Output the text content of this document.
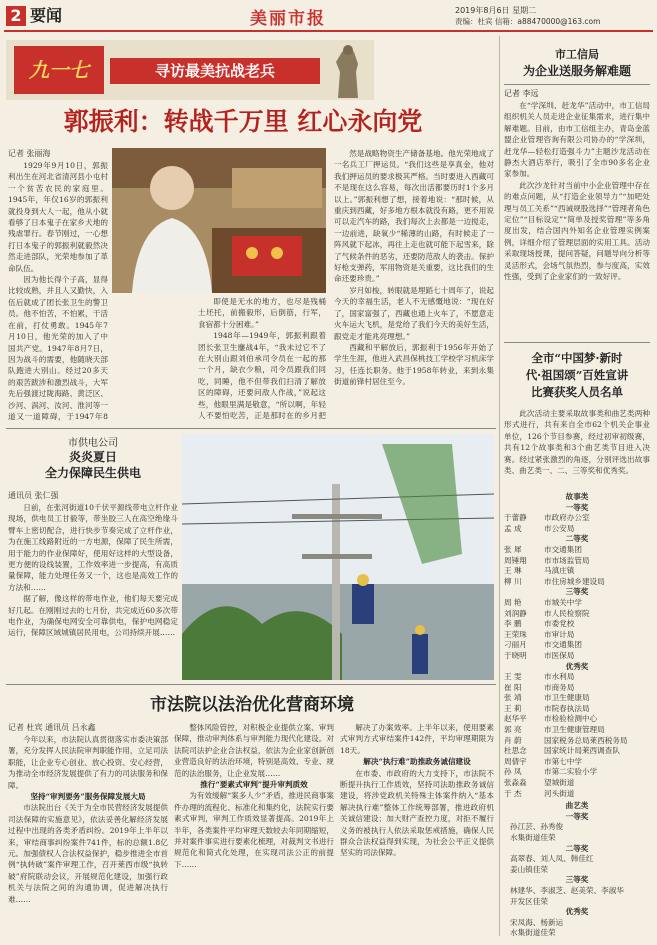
2 要闻	美丽市报	2019年8月6日 星期二
责编：杜宾 信箱：a88470000@163.com
九一七	寻访最美抗战老兵
郭振利：转战千万里 红心永向党
记者 张丽海

1929年9月10日，郭振利出生在河北省清河县小屯村一个贫苦农民的家庭里。1945年，年仅16岁的郭振利就投身到大人一起，他从小就看够了日本鬼子在家乡犬地的残虐罪行。春节刚过，一心想打日本鬼子的郭振利就毅然决然走进部队，光荣地参加了革命队伍。

因为他长得个子高，显得比较成熟，并且人又勤快，入伍后就成了团长张卫生的警卫员。他不怕苦，不怕累，干活在前，打仗勇敢。1945年7月10日，他光荣的加入了中国共产党。1947年8月7日，因为战斗的需要，他随晓天部队跑进大别山。经过20多天的艰苦跋涉和激烈战斗，大军先后强渡过陇海路、黄泛区、沙河、涡河、汝河、淮河等一道又一道障碍，于1947年8

即使是无水的地方，也尽是残桶土坯托，前搬毅形，后倒筋，行军，食宿都十分困难。”

1948年—1949年，郭振利跟着团长张卫生鏖战4年，“我未过它不了在大别山跟刘伯承司令员在一起的那一个月，缺衣少粮，司令员跟我们同吃，同睡，他不但带我们扫清了解放区的障碍，还要问敌人作战，”说起这些，他眼里满是敬意，“所以啊，年轻人不要怕吃苦，正是那时在的乡月把

然是战略物资生产储备基地。他光荣地成了一名兵工厂押运员。“我们这些是享真金，他对我们押运员的要求极其严格。当时要进入西藏可不是现在这么容易，每次出活都要历时1个多月以上。”郭振利想了想，接着地说：“那时候，从重庆到西藏，好多地方根本就没有路，更不用说可以走汽车的路，我们每次上去都是一边搅走，一边前进，缺氧少“稀薄的山路，有时候走了一阵风就下起冰，再往上走也就可能下起雪来，除了气候条件的恶劣，还要防范敌人的袭击。保护好枪支弹药，军用物资是关重要，这比我们的生命还要珍贵。”

岁月如梭，转眼就是埋蹈七十周年了，说起今天的幸福生活，老人不无感慨地说：“现在好了，国家富强了，西藏也通上火车了，不愿意走火车运大飞机，是党给了我们今天的美好生活，跟党走才能兆亮理想。”

西藏和平解放后，郭振利于1956年开始了学生生涯，他进入武昌保桃技工学校学习机床学习，任连长职务。他于1958年转业，来到永集街道前锋村居住至今。

市工信局
为企业送服务解难题
记者 李远

在“学深圳、赶龙华”活动中，市工信局组织机关人员走进企业征集需求，进行集中解难题。目前，由市工信组主办，青岛金蓝盟企业管理咨询有限公司协办的“学深圳，赶龙华—轻松打造强斗力”主题沙龙活动在静杰大酒店举行，吸引了全市90多名企业家参加。

此次沙龙针对当前中小企业管理中存在的难点问题，从“打造企业领导力”“加吧处理与员工关系”“西诫规股选择”“管理者角色定位”“目标设定”“简单及授奖管理”等多角度出发，结合国内外知名企业管理实例案例，详细介绍了管理层面的实用工具。活动采取现场授课，提问答疑，问题导向分析等灵活形式，会场气氛热烈，参与度高，实效性强，受到了企业家们的一致好评。

全市“中国梦·新时
代·祖国颂”百姓宣讲
比赛获奖人员名单

此次活动主要采取故事类和曲艺类两种形式进行，共有来自全市62个机关企事业单位，126个节目参赛，经过初审初级赛，共有12个故事类和3个曲艺类节目进入决赛。经过紧张激烈的角逐，分别评选出故事类、曲艺类一、二、三等奖和优秀奖。

故事类
一等奖
于蕾静	市政府办公室
孟 成	市公安局
二等奖
张 犀	市交通集团
周锤翔	市市场监管局
王 琳	马滇庄镇
柳 川	市住房城乡建设局
三等奖
周 艳	市城关中学
刘润静	市人民检察院
李 鹏	市委党校
王荣珠	市审计局
刁丽月	市交通集团
于晓明	市医保局
优秀奖
王 雯	市水利局
崔 阳	市商务局
张 靖	市卫生健康局
王 莉	市院春执法局
赵华平	市检验检测中心
郭 亮	市卫生健康管理局
肖 蔚	国家税务总局莱西税务局
杜思念	国家统计局莱西调查队
周倩宇	市第七中学
孙 凤	市第二实验小学
张淼淼	望城街道
于 杰	河头街道
曲艺类
一等奖
孙江芸、孙秀俊
水集街道佳荣
二等奖
高翠春、刘人凤、韩佳红
姜山镇佳荣
三等奖
林建华、李淑芝、赵美荣、李淑华
开发区佳荣
优秀奖
宋凤海、杨新运
水集街道佳荣
市供电公司
炎炎夏日
全力保障民生供电
通讯员 张仁强

日前，在张河街道10千伏平源线带电立杆作业现场，供电员工甘毅等，带坐胶三人在高空绝缘斗臂车上密切配合，进行快步节奏完成了立杆作业，为在施工线路附近的一方电源，保障了民生所需，用于能力的作业保障好，使用好这样的大型设备，更方便的设线装置，工作效率进一步提高，有高质量保障，能力处理任务又一个，这也是高效工作的方法和……

据了解，像这样的带电作业，他们每天要完成好几起。在刚刚过去的七月份，共完成近60多次带电作业，为确保电网安全可靠供电，保护电网稳定运行，保障区域城镇居民用电，公司持续开展……

市法院以法治优化营商环境
记者 杜宾 通讯员 吕永鑫

今年以来，市法院认真贯彻落实市委决策部署，充分发挥人民法院审判职能作用，立足司法职能，让企业专心创业、放心投资、安心经营，为推动全市经济发展提供了有力的司法服务和保障。

坚持“审判要务”服务保障发展大局

市法院出台《关于为全市民营经济发展提供司法保障的实施意见》，依法妥善化解经济发展过程中出现的各类矛盾纠纷。2019年上半年以来，审结商事纠纷案件741件，标的总额1.8亿元。加强债权人合法权益保护，稳步推进全市首例“执转破”案件审理工作，召开莱西市级“执转破”府院联动会议，开展规范化建设，加强行政机关与法院之间的沟通协调，促进解决执行难……

整体风险管控，对积极企业提供立案、审判保障，推动审判体系与审判能力现代化建设。对法院司法护企业合法权益，依法为企业家创新创业营造良好的法治环境，特别是高效、专业、规范的法治服务，让企业发展……

推行“要素式审判”提升审判质效

为有效缓解“案多人少”矛盾，推进民商事案件办理的流程化、标准化和集约化，法院实行要素式审判，审判工作质效显著提高。2019年上半年，各类案件平均审理天数较去年同期缩短，并对案件事实进行要素化梳理，对裁判文书进行规范化和简式化处理，在实现司法公正的前提下……

解决了办案效率。上半年以来，使用要素式审判方式审结案件142件，平均审理期限为18天。

解决“执行难”助推政务诚信建设

在市委、市政府的大力支持下，市法院不断提升执行工作质效，坚持司法助推政务诚信建设，将涉党政机关特殊主体案件纳入“基本解决执行难”整体工作统筹部署，推进政府机关诚信建设；加大财产查控力度，对拒不履行义务的被执行人依法采取惩戒措施，确保人民群众合法权益得到实现，为社会公平正义提供坚实的司法保障。
